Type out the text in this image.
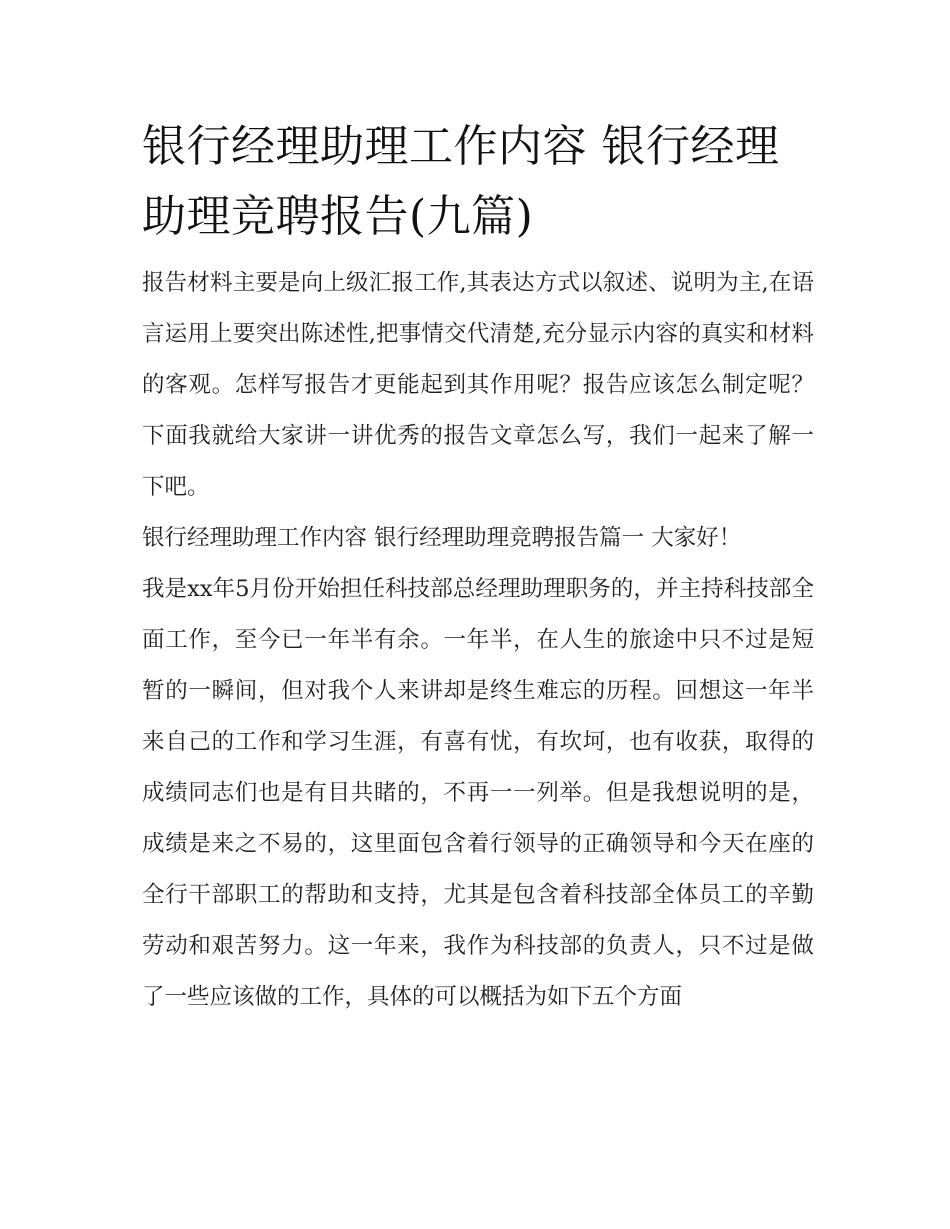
银行经理助理工作内容 银行经理助理竞聘报告(九篇)

报告材料主要是向上级汇报工作,其表达方式以叙述、说明为主,在语言运用上要突出陈述性,把事情交代清楚,充分显示内容的真实和材料的客观。怎样写报告才更能起到其作用呢？报告应该怎么制定呢？下面我就给大家讲一讲优秀的报告文章怎么写，我们一起来了解一下吧。

银行经理助理工作内容 银行经理助理竞聘报告篇一 大家好！

我是xx年5月份开始担任科技部总经理助理职务的，并主持科技部全面工作，至今已一年半有余。一年半，在人生的旅途中只不过是短暂的一瞬间，但对我个人来讲却是终生难忘的历程。回想这一年半来自己的工作和学习生涯，有喜有忧，有坎坷，也有收获，取得的成绩同志们也是有目共睹的，不再一一列举。但是我想说明的是，成绩是来之不易的，这里面包含着行领导的正确领导和今天在座的全行干部职工的帮助和支持，尤其是包含着科技部全体员工的辛勤劳动和艰苦努力。这一年来，我作为科技部的负责人，只不过是做了一些应该做的工作，具体的可以概括为如下五个方面
